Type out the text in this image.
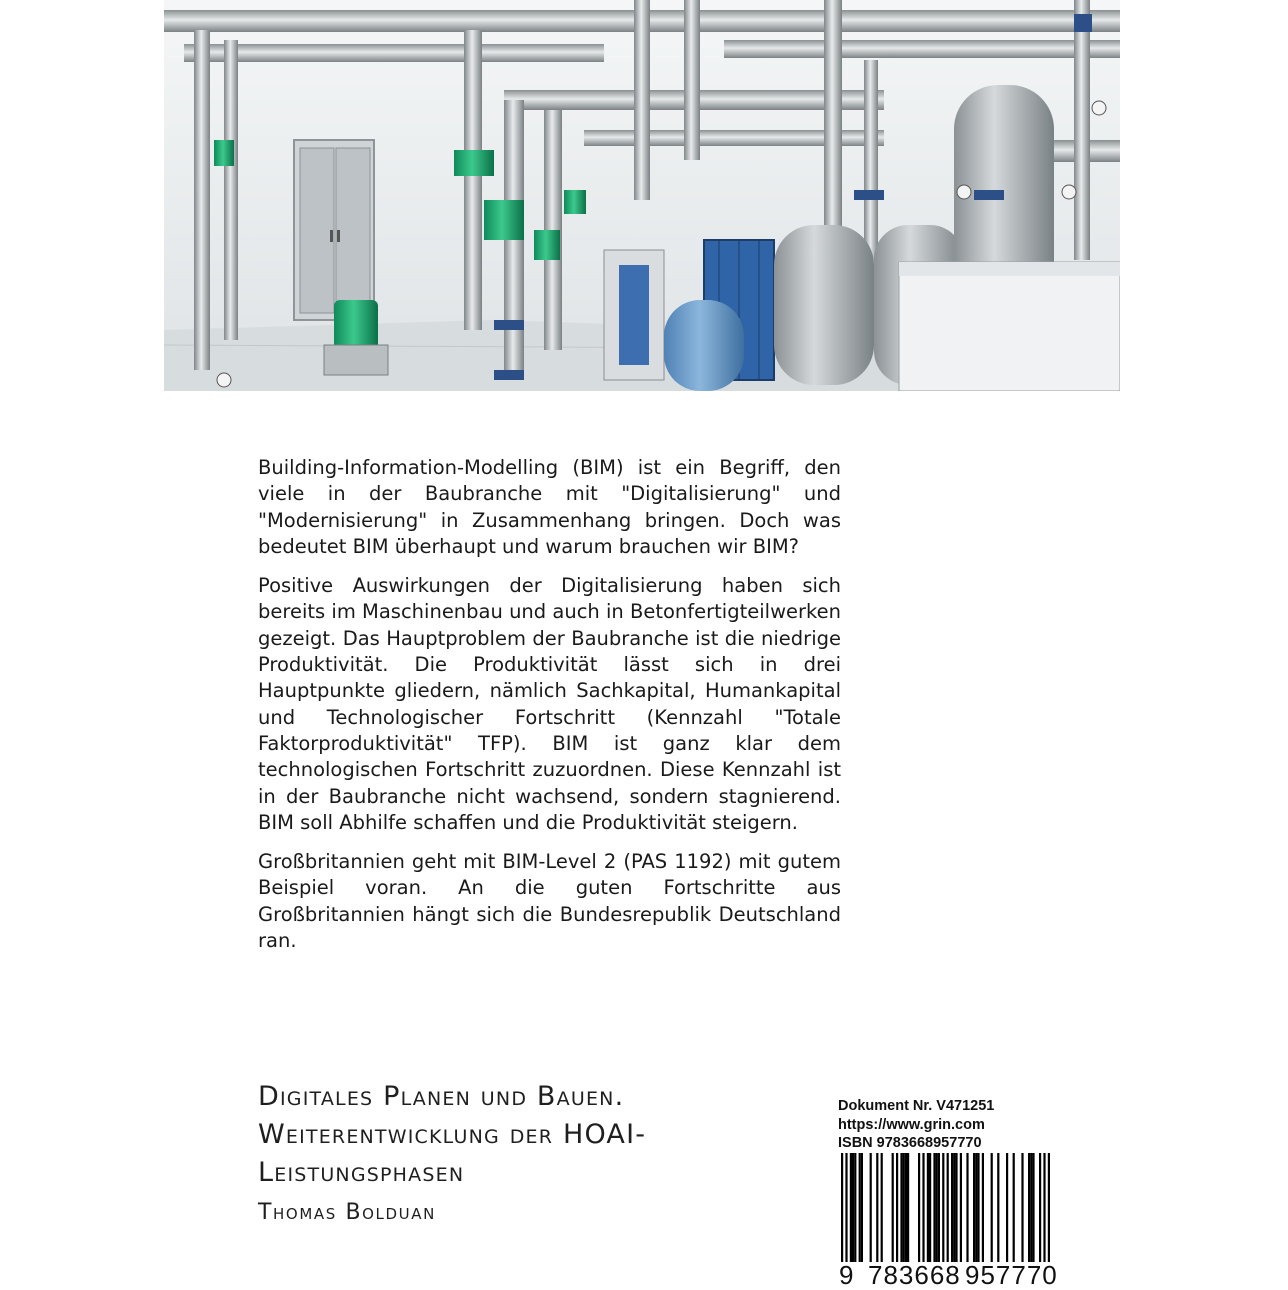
Building-Information-Modelling (BIM) ist ein Begriff, den viele in der Baubranche mit "Digitalisierung" und "Modernisierung" in Zusammenhang bringen. Doch was bedeutet BIM überhaupt und warum brauchen wir BIM?

Positive Auswirkungen der Digitalisierung haben sich bereits im Maschinenbau und auch in Betonfertigteilwerken gezeigt. Das Hauptproblem der Baubranche ist die niedrige Produktivität. Die Produktivität lässt sich in drei Hauptpunkte gliedern, nämlich Sachkapital, Humankapital und Technologischer Fortschritt (Kennzahl "Totale Faktorproduktivität" TFP). BIM ist ganz klar dem technologischen Fortschritt zuzuordnen. Diese Kennzahl ist in der Baubranche nicht wachsend, sondern stagnierend. BIM soll Abhilfe schaffen und die Produktivität steigern.

Großbritannien geht mit BIM-Level 2 (PAS 1192) mit gutem Beispiel voran. An die guten Fortschritte aus Großbritannien hängt sich die Bundesrepublik Deutschland ran.

Digitales Planen und Bauen.
Weiterentwicklung der HOAI-
Leistungsphasen
Thomas Bolduan
Dokument Nr. V471251
https://www.grin.com
ISBN 9783668957770
9 783668 957770
